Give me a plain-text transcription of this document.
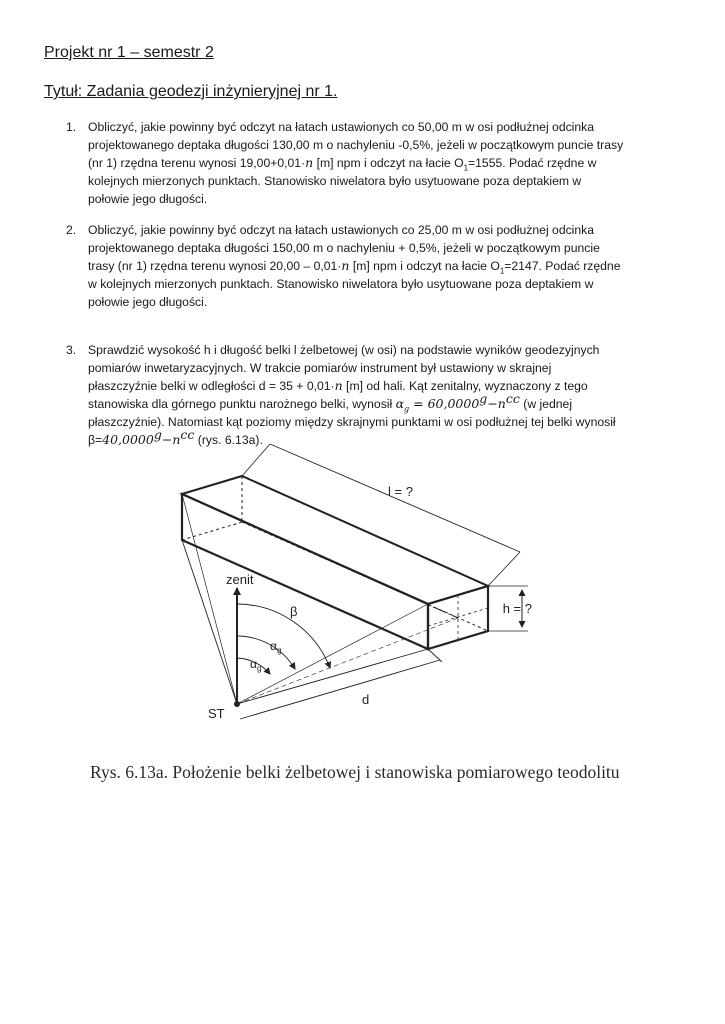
Projekt nr 1 – semestr 2
Tytuł: Zadania geodezji inżynieryjnej nr 1.
1. Obliczyć, jakie powinny być odczyt na łatach ustawionych co 50,00 m w osi podłużnej odcinka
projektowanego deptaka długości 130,00 m o nachyleniu -0,5%, jeżeli w początkowym puncie trasy
(nr 1) rzędna terenu wynosi 19,00+0,01·n [m] npm i odczyt na łacie $O_1=1555$. Podać rzędne w
kolejnych mierzonych punktach. Stanowisko niwelatora było usytuowane poza deptakiem w
połowie jego długości.
2. Obliczyć, jakie powinny być odczyt na łatach ustawionych co 25,00 m w osi podłużnej odcinka
projektowanego deptaka długości 150,00 m o nachyleniu + 0,5%, jeżeli w początkowym puncie
trasy (nr 1) rzędna terenu wynosi 20,00 – 0,01·n [m] npm i odczyt na łacie $O_1=2147$. Podać rzędne
w kolejnych mierzonych punktach. Stanowisko niwelatora było usytuowane poza deptakiem w
połowie jego długości.
3. Sprawdzić wysokość h i długość belki l żelbetowej (w osi) na podstawie wyników geodezyjnych
pomiarów inwetaryzacyjnych. W trakcie pomiarów instrument był ustawiony w skrajnej
płaszczyźnie belki w odległości d = 35 + 0,01·n [m] od hali. Kąt zenitalny, wyznaczony z tego
stanowiska dla górnego punktu narożnego belki, wynosił $\alpha_g = 60,0000^g-n^{cc}$ (w jednej
płaszczyźnie). Natomiast kąt poziomy między skrajnymi punktami w osi podłużnej tej belki wynosił
$\beta=40,0000^g-n^{cc}$ (rys. 6.13a).
l = ?
h = ?
zenit
β
$\alpha_g$
$\alpha_g$
d
ST
Rys. 6.13a. Położenie belki żelbetowej i stanowiska pomiarowego teodolitu
